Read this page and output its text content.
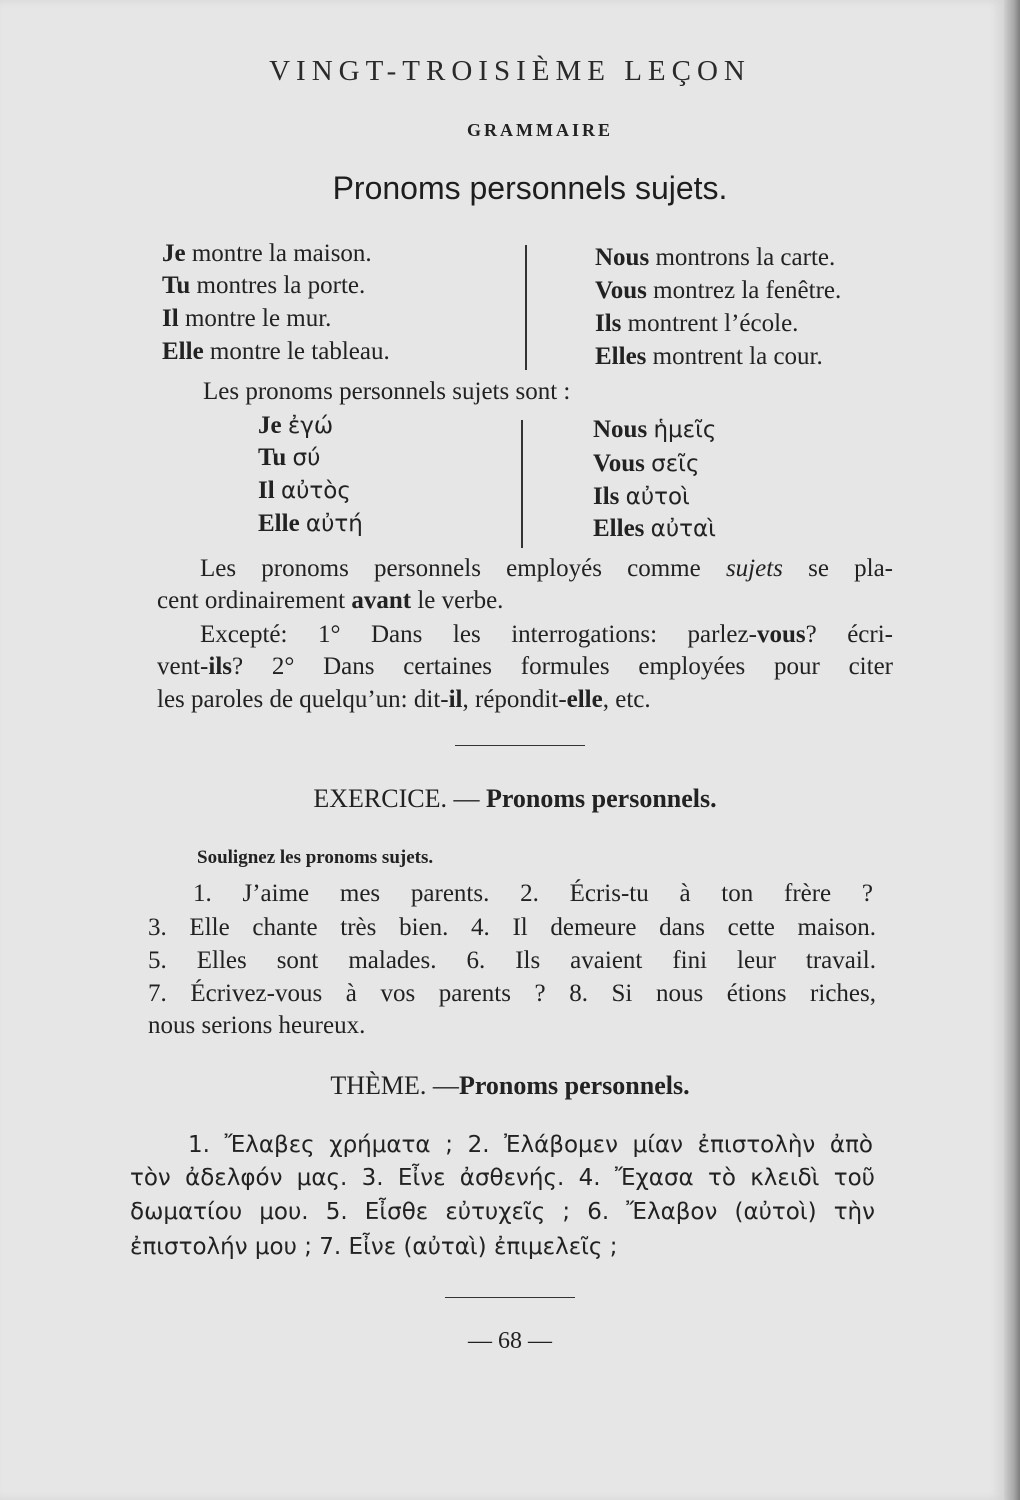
VINGT-TROISIÈME LEÇON
GRAMMAIRE
Pronoms personnels sujets.
Je montre la maison.
Tu montres la porte.
Il montre le mur.
Elle montre le tableau.
Nous montrons la carte.
Vous montrez la fenêtre.
Ils montrent l’école.
Elles montrent la cour.
Les pronoms personnels sujets sont :
Je ἐγώ
Tu σύ
Il αὐτὸς
Elle αὐτή
Nous ἡμεῖς
Vous σεῖς
Ils αὐτοὶ
Elles αὐταὶ
Les pronoms personnels employés comme sujets se pla-
cent ordinairement avant le verbe.
Excepté: 1° Dans les interrogations: parlez-vous? écri-
vent-ils? 2° Dans certaines formules employées pour citer
les paroles de quelqu’un: dit-il, répondit-elle, etc.
EXERCICE. — Pronoms personnels.
Soulignez les pronoms sujets.
1. J’aime mes parents. 2. Écris-tu à ton frère ?
3. Elle chante très bien. 4. Il demeure dans cette maison.
5. Elles sont malades. 6. Ils avaient fini leur travail.
7. Écrivez-vous à vos parents ? 8. Si nous étions riches,
nous serions heureux.
THÈME. —Pronoms personnels.
1. Ἔλαβες χρήματα ; 2. Ἐλάβομεν μίαν ἐπιστολὴν ἀπὸ
τὸν ἀδελφόν μας. 3. Εἶνε ἀσθενής. 4. Ἔχασα τὸ κλειδὶ τοῦ
δωματίου μου. 5. Εἶσθε εὐτυχεῖς ; 6. Ἔλαβον (αὐτοὶ) τὴν
ἐπιστολήν μου ; 7. Εἶνε (αὐταὶ) ἐπιμελεῖς ;
— 68 —
